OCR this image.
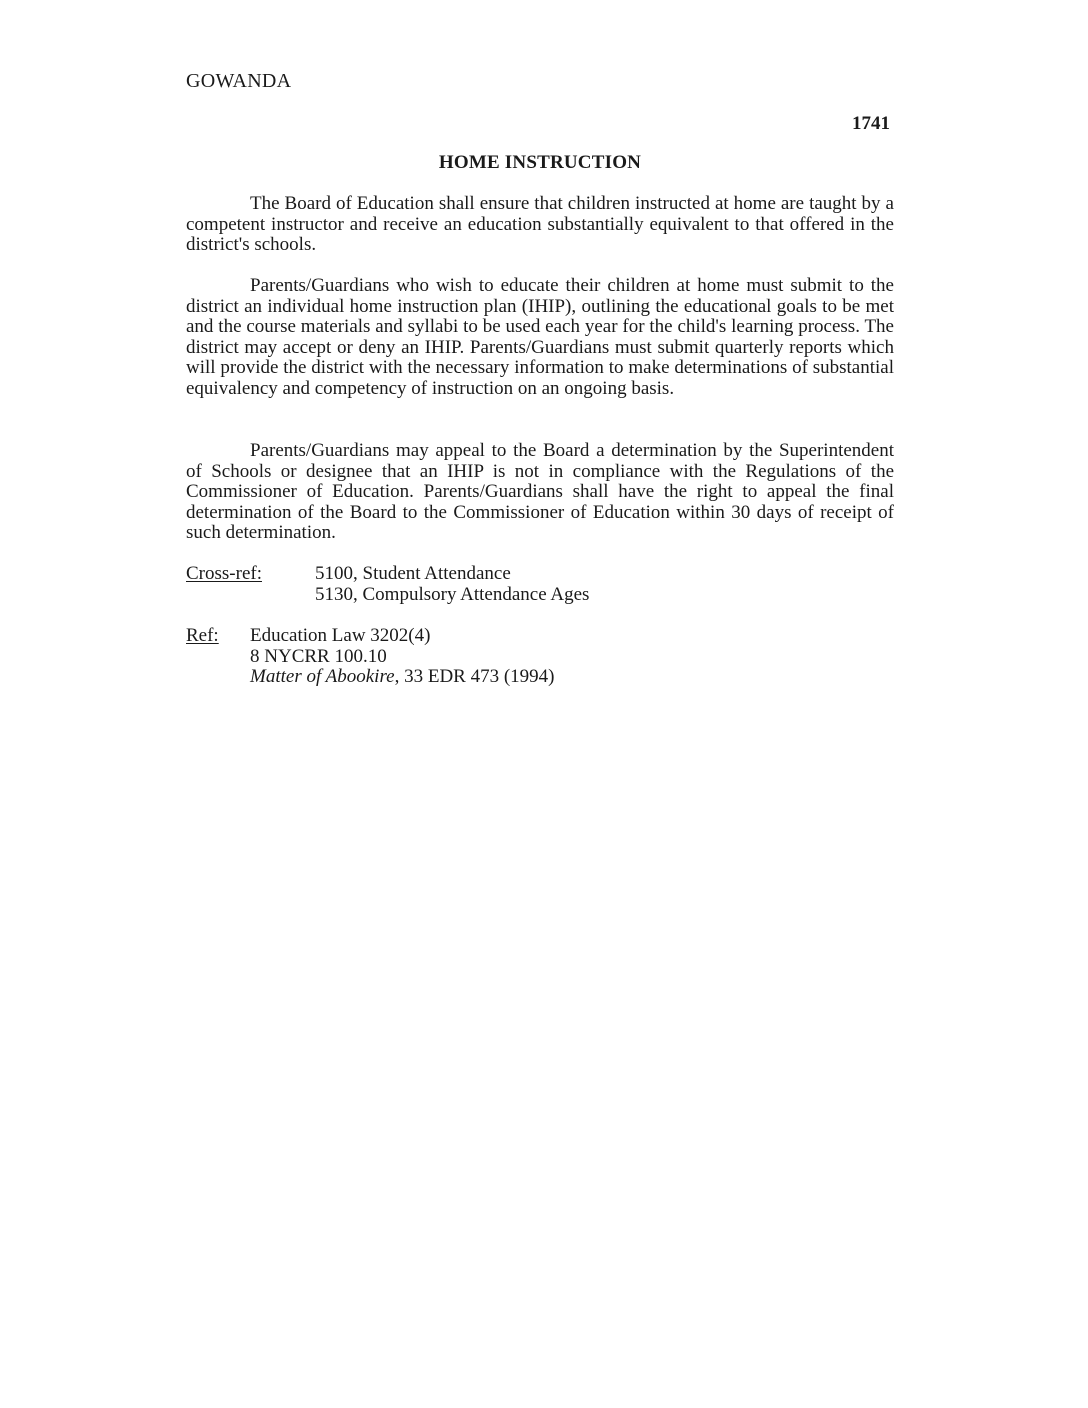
GOWANDA
1741
HOME INSTRUCTION

The Board of Education shall ensure that children instructed at home are taught by a competent instructor and receive an education substantially equivalent to that offered in the district's schools.

Parents/Guardians who wish to educate their children at home must submit to the district an individual home instruction plan (IHIP), outlining the educational goals to be met and the course materials and syllabi to be used each year for the child's learning process. The district may accept or deny an IHIP. Parents/Guardians must submit quarterly reports which will provide the district with the necessary information to make determinations of substantial equivalency and competency of instruction on an ongoing basis.

Parents/Guardians may appeal to the Board a determination by the Superintendent of Schools or designee that an IHIP is not in compliance with the Regulations of the Commissioner of Education. Parents/Guardians shall have the right to appeal the final determination of the Board to the Commissioner of Education within 30 days of receipt of such determination.

Cross-ref:	5100, Student Attendance
5130, Compulsory Attendance Ages
Ref:	Education Law 3202(4)
8 NYCRR 100.10
Matter of Abookire, 33 EDR 473 (1994)
